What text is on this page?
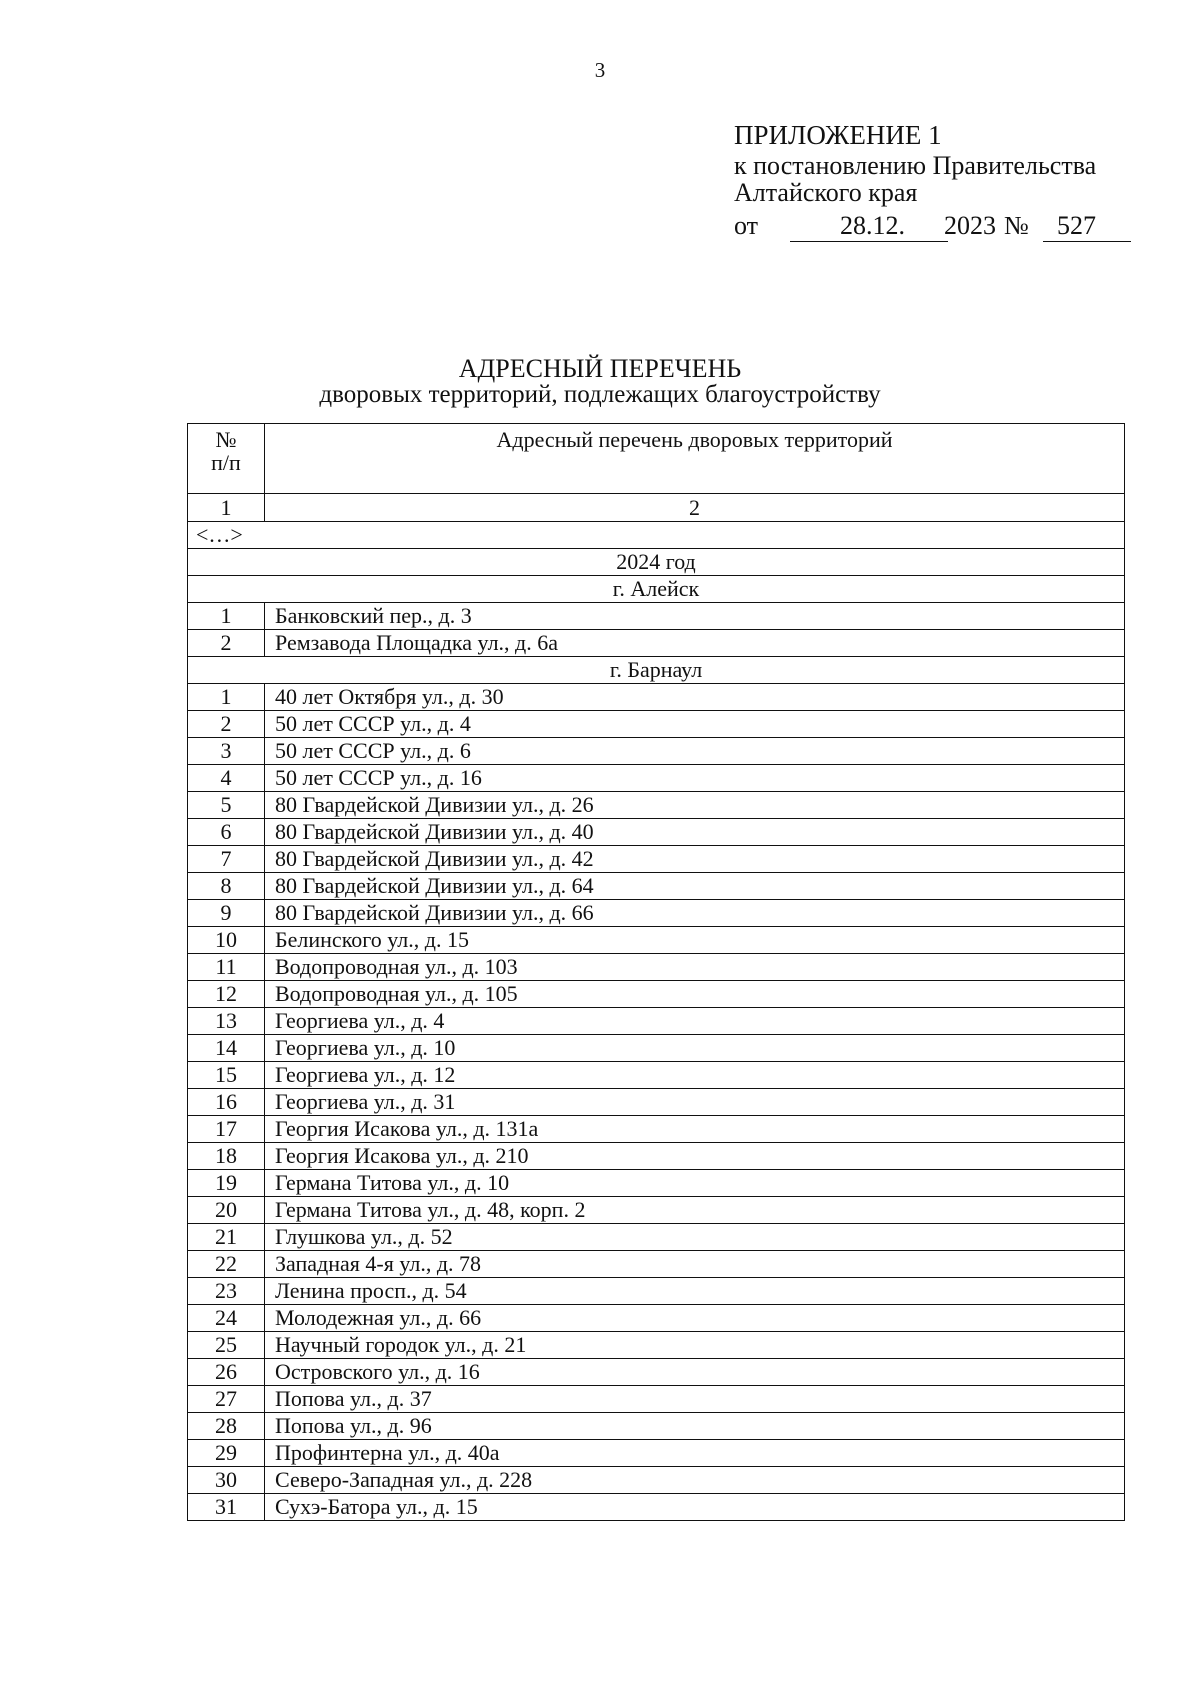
3
ПРИЛОЖЕНИЕ 1
к постановлению Правительства
Алтайского края
от	28.12. 2023 № 527
АДРЕСНЫЙ ПЕРЕЧЕНЬ
дворовых территорий, подлежащих благоустройству
№
п/п	Адресный перечень дворовых территорий
1	2
<…>	
2024 год	
г. Алейск	
1	Банковский пер., д. 3
2	Ремзавода Площадка ул., д. 6а
г. Барнаул	
1	40 лет Октября ул., д. 30
2	50 лет СССР ул., д. 4
3	50 лет СССР ул., д. 6
4	50 лет СССР ул., д. 16
5	80 Гвардейской Дивизии ул., д. 26
6	80 Гвардейской Дивизии ул., д. 40
7	80 Гвардейской Дивизии ул., д. 42
8	80 Гвардейской Дивизии ул., д. 64
9	80 Гвардейской Дивизии ул., д. 66
10	Белинского ул., д. 15
11	Водопроводная ул., д. 103
12	Водопроводная ул., д. 105
13	Георгиева ул., д. 4
14	Георгиева ул., д. 10
15	Георгиева ул., д. 12
16	Георгиева ул., д. 31
17	Георгия Исакова ул., д. 131а
18	Георгия Исакова ул., д. 210
19	Германа Титова ул., д. 10
20	Германа Титова ул., д. 48, корп. 2
21	Глушкова ул., д. 52
22	Западная 4-я ул., д. 78
23	Ленина просп., д. 54
24	Молодежная ул., д. 66
25	Научный городок ул., д. 21
26	Островского ул., д. 16
27	Попова ул., д. 37
28	Попова ул., д. 96
29	Профинтерна ул., д. 40а
30	Северо-Западная ул., д. 228
31	Сухэ-Батора ул., д. 15
